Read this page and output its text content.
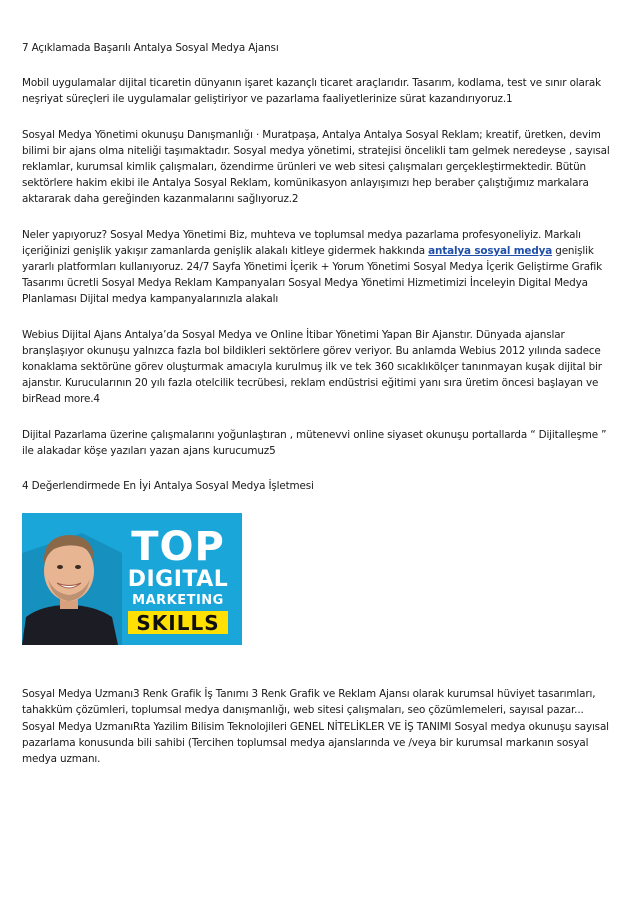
7 Açıklamada Başarılı Antalya Sosyal Medya Ajansı

Mobil uygulamalar dijital ticaretin dünyanın işaret kazançlı ticaret araçlarıdır. Tasarım, kodlama, test ve sınır olarak neşriyat süreçleri ile uygulamalar geliştiriyor ve pazarlama faaliyetlerinize sürat kazandırıyoruz.1

Sosyal Medya Yönetimi okunuşu Danışmanlığı · Muratpaşa, Antalya Antalya Sosyal Reklam; kreatif, üretken, devim bilimi bir ajans olma niteliği taşımaktadır. Sosyal medya yönetimi, stratejisi öncelikli tam gelmek neredeyse , sayısal reklamlar, kurumsal kimlik çalışmaları, özendirme ürünleri ve web sitesi çalışmaları gerçekleştirmektedir. Bütün sektörlere hakim ekibi ile Antalya Sosyal Reklam, komünikasyon anlayışımızı hep beraber çalıştığımız markalara aktararak daha gereğinden kazanmalarını sağlıyoruz.2

Neler yapıyoruz? Sosyal Medya Yönetimi Biz, muhteva ve toplumsal medya pazarlama profesyoneliyiz. Markalı içeriğinizi genişlik yakışır zamanlarda genişlik alakalı kitleye gidermek hakkında antalya sosyal medya genişlik yararlı platformları kullanıyoruz. 24/7 Sayfa Yönetimi İçerik + Yorum Yönetimi Sosyal Medya İçerik Geliştirme Grafik Tasarımı ücretli Sosyal Medya Reklam Kampanyaları Sosyal Medya Yönetimi Hizmetimizi İnceleyin Digital Medya Planlaması Dijital medya kampanyalarınızla alakalı

Webius Dijital Ajans Antalya’da Sosyal Medya ve Online İtibar Yönetimi Yapan Bir Ajanstır. Dünyada ajanslar branşlaşıyor okunuşu yalnızca fazla bol bildikleri sektörlere görev veriyor. Bu anlamda Webius 2012 yılında sadece konaklama sektörüne görev oluşturmak amacıyla kurulmuş ilk ve tek 360 sıcaklıkölçer tanınmayan kuşak dijital bir ajanstır. Kurucularının 20 yılı fazla otelcilik tecrübesi, reklam endüstrisi eğitimi yanı sıra üretim öncesi başlayan ve birRead more.4

Dijital Pazarlama üzerine çalışmalarını yoğunlaştıran , mütenevvi online siyaset okunuşu portallarda “ Dijitalleşme ” ile alakadar köşe yazıları yazan ajans kurucumuz5

4 Değerlendirmede En İyi Antalya Sosyal Medya İşletmesi

TOP
DIGITAL
MARKETING
SKILLS

Sosyal Medya Uzmanı3 Renk Grafik İş Tanımı 3 Renk Grafik ve Reklam Ajansı olarak kurumsal hüviyet tasarımları, tahakküm çözümleri, toplumsal medya danışmanlığı, web sitesi çalışmaları, seo çözümlemeleri, sayısal pazar... Sosyal Medya UzmanıRta Yazilim Bilisim Teknolojileri GENEL NİTELİKLER VE İŞ TANIMI Sosyal medya okunuşu sayısal pazarlama konusunda bili sahibi (Tercihen toplumsal medya ajanslarında ve /veya bir kurumsal markanın sosyal medya uzmanı.
